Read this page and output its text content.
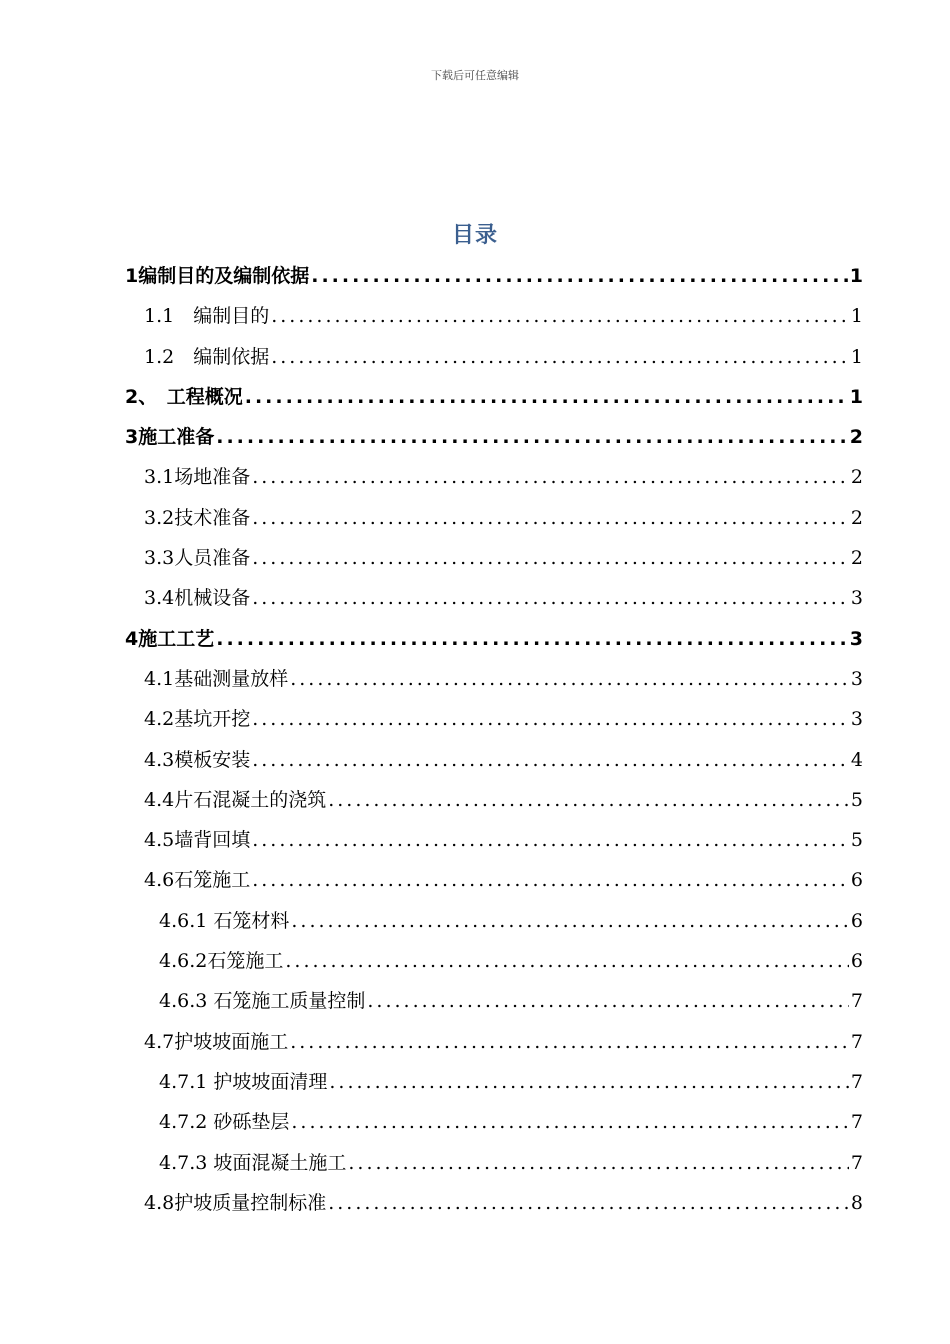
下载后可任意编辑
目录
1编制目的及编制依据 .....	1
1.1　编制目的 .....	1
1.2　编制依据 .....	1
2、　工程概况 .....	1
3施工准备 .....	2
3.1场地准备 .....	2
3.2技术准备 .....	2
3.3人员准备 .....	2
3.4机械设备 .....	3
4施工工艺 .....	3
4.1基础测量放样 .....	3
4.2基坑开挖 .....	3
4.3模板安装 .....	4
4.4片石混凝土的浇筑 .....	5
4.5墙背回填 .....	5
4.6石笼施工 .....	6
4.6.1 石笼材料 .....	6
4.6.2石笼施工 .....	6
4.6.3 石笼施工质量控制 .....	7
4.7护坡坡面施工 .....	7
4.7.1 护坡坡面清理 .....	7
4.7.2 砂砾垫层 .....	7
4.7.3 坡面混凝土施工 .....	7
4.8护坡质量控制标准 .....	8
